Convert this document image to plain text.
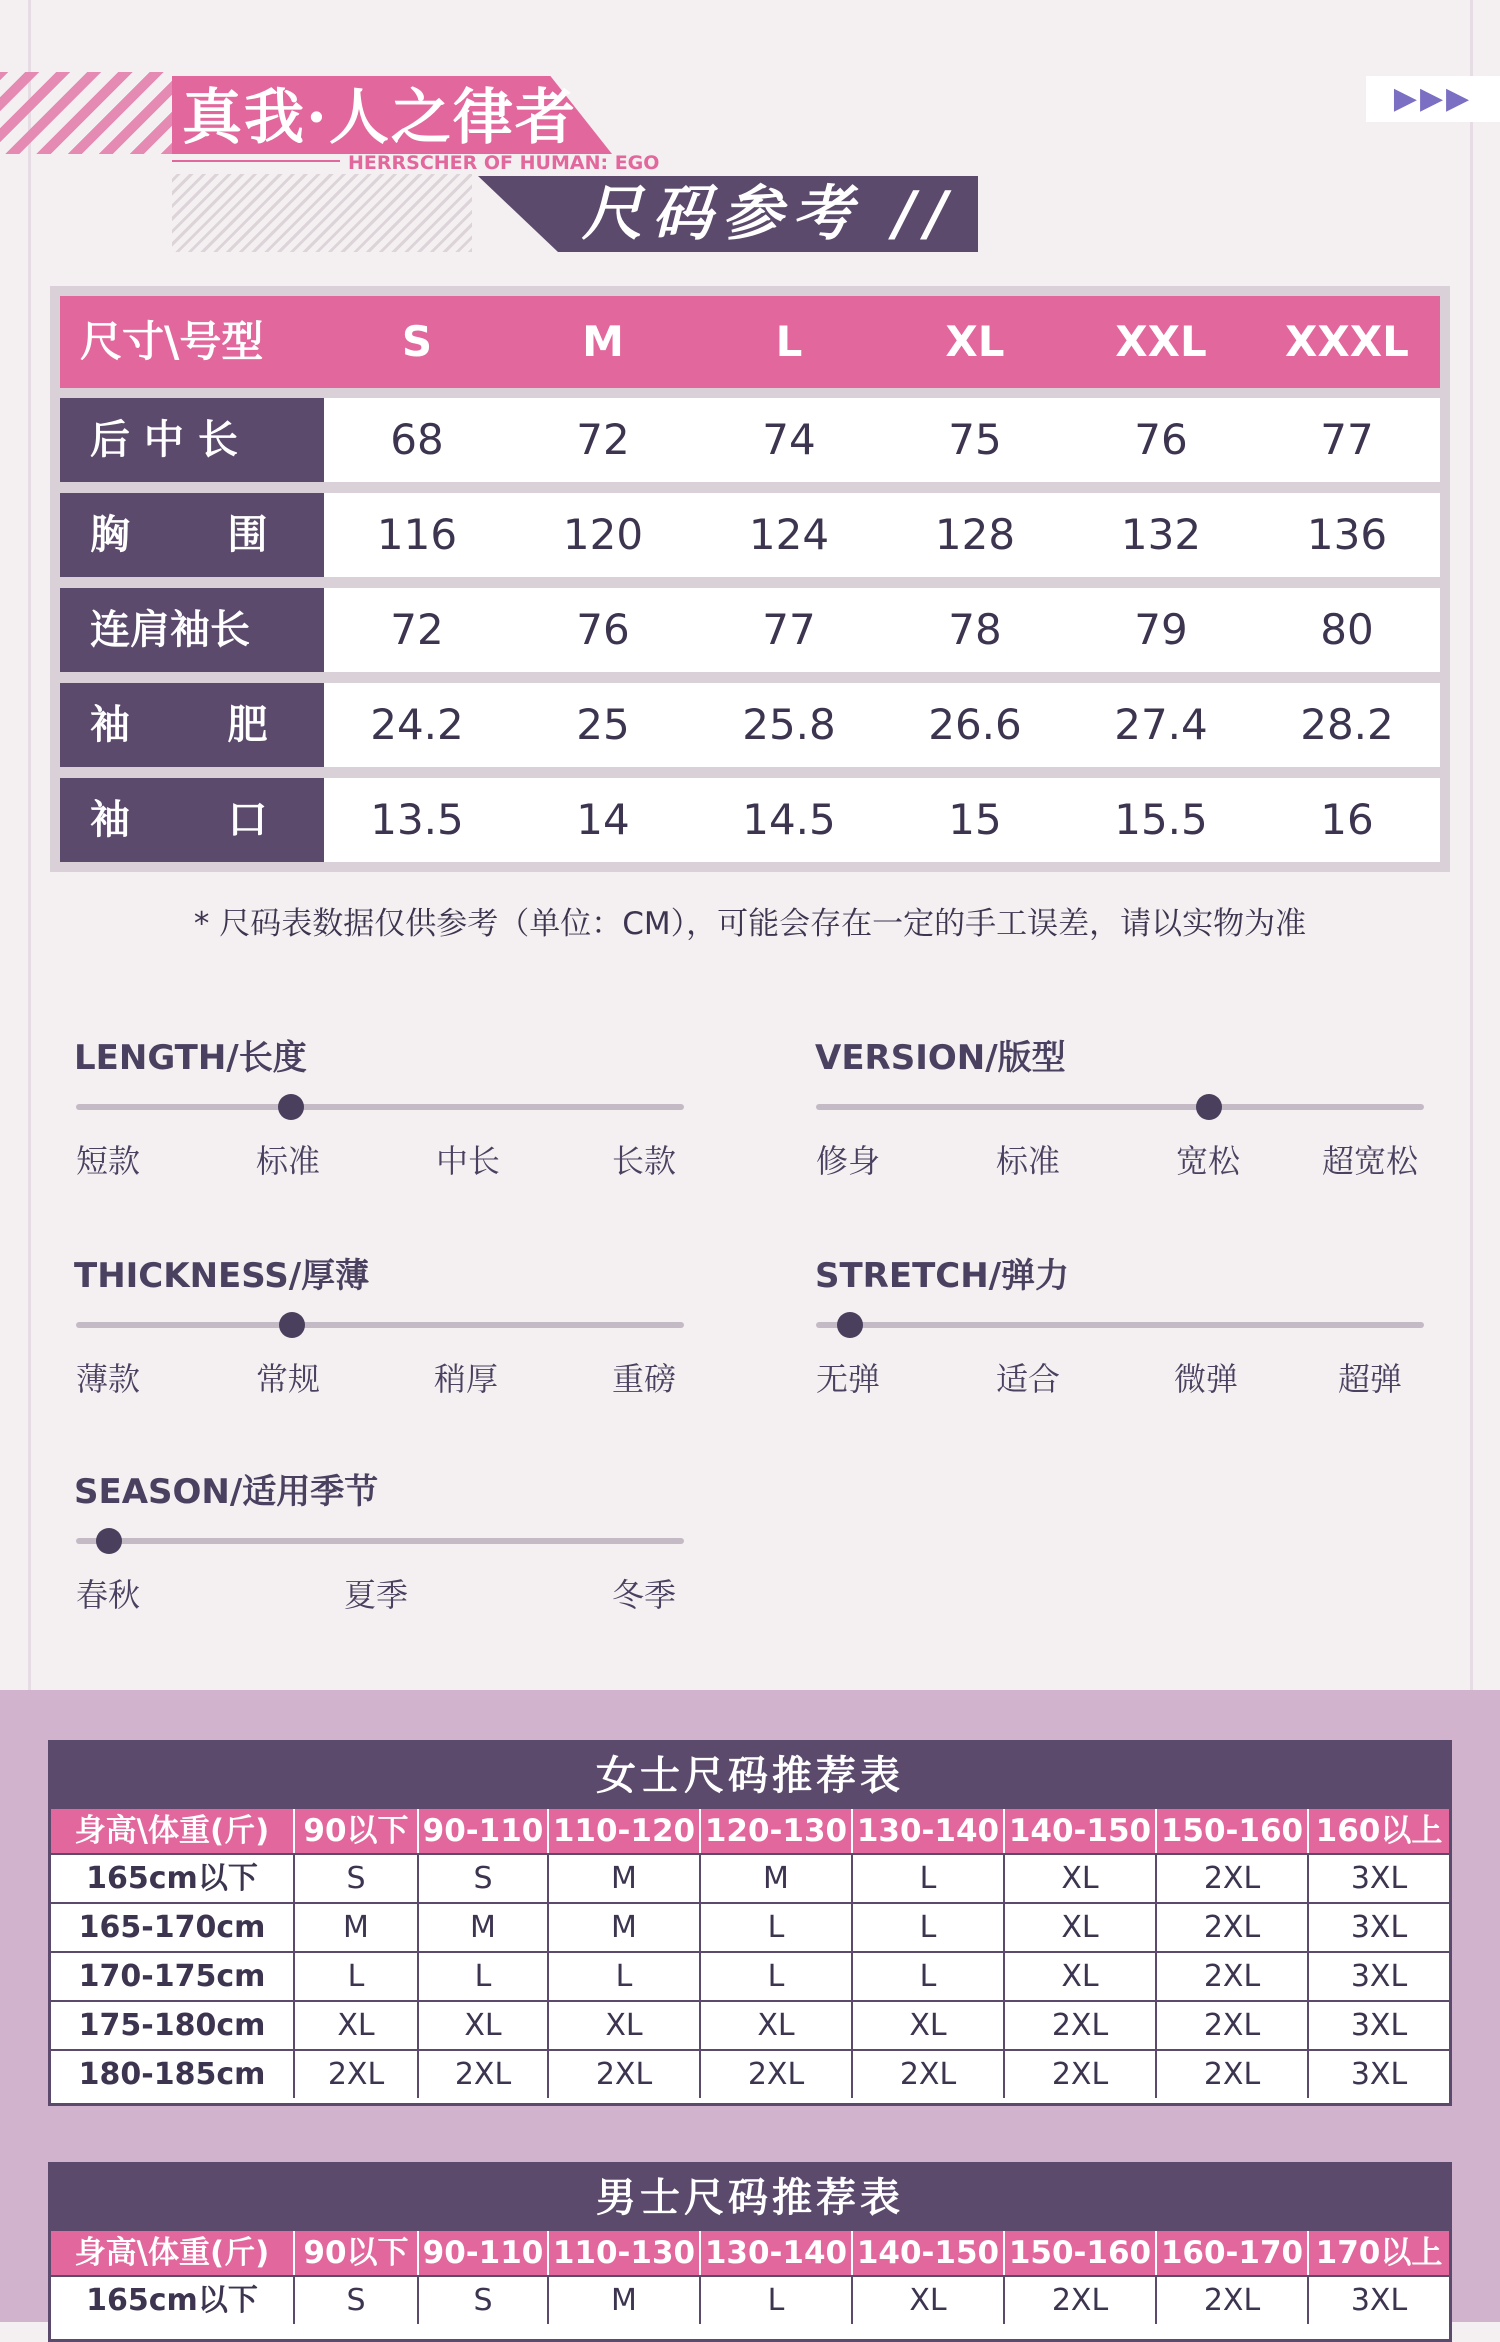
真我·人之律者
HERRSCHER OF HUMAN: EGO
尺码参考 //
▶▶▶
尺寸\号型	S	M	L	XL	XXL	XXXL
后 中 长	68	72	74	75	76	77
胸       围	116	120	124	128	132	136
连肩袖长	72	76	77	78	79	80
袖       肥	24.2	25	25.8	26.6	27.4	28.2
袖       口	13.5	14	14.5	15	15.5	16
* 尺码表数据仅供参考（单位：CM），可能会存在一定的手工误差，请以实物为准
LENGTH/长度
短款	标准	中长	长款
VERSION/版型
修身	标准	宽松	超宽松
THICKNESS/厚薄
薄款	常规	稍厚	重磅
STRETCH/弹力
无弹	适合	微弹	超弹
SEASON/适用季节
春秋	夏季	冬季
女士尺码推荐表
身高\体重(斤)	90以下 90-110 110-120 120-130 130-140 140-150 150-160 160以上
165cm以下	S	S	M	M	L	XL	2XL	3XL
165-170cm	M	M	M	L	L	XL	2XL	3XL
170-175cm	L	L	L	L	L	XL	2XL	3XL
175-180cm	XL	XL	XL	XL	XL	2XL	2XL	3XL
180-185cm	2XL	2XL	2XL	2XL	2XL	2XL	2XL	3XL
男士尺码推荐表
身高\体重(斤)	90以下 90-110 110-130 130-140 140-150 150-160 160-170 170以上
165cm以下	S	S	M	L	XL	2XL	2XL	3XL
